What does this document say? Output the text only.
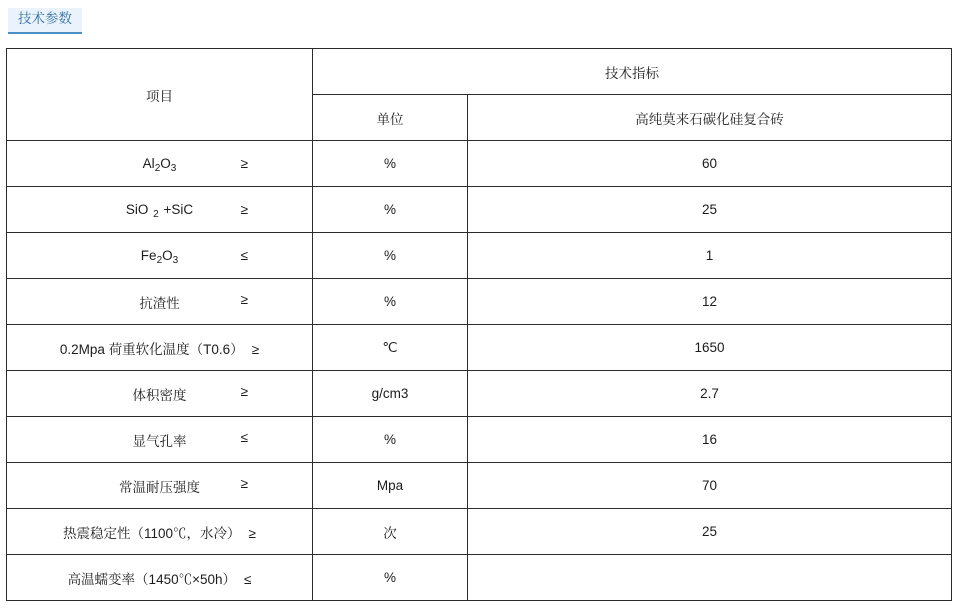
技术参数
项目	技术指标	
	单位	高纯莫来石碳化硅复合砖

$Al_2O_3$ ≥	%	60

SiO $_2$ +SiC ≥	%	25

$Fe_2O_3$ ≤	%	1

抗渣性 ≥	%	12

0.2Mpa 荷重软化温度（T0.6） ≥	℃	1650

体积密度 ≥	g/cm3	2.7

显气孔率 ≤	%	16

常温耐压强度 ≥	Mpa	70

热震稳定性（1100℃，水冷） ≥	次	25

高温蠕变率（1450℃×50h） ≤	%	
